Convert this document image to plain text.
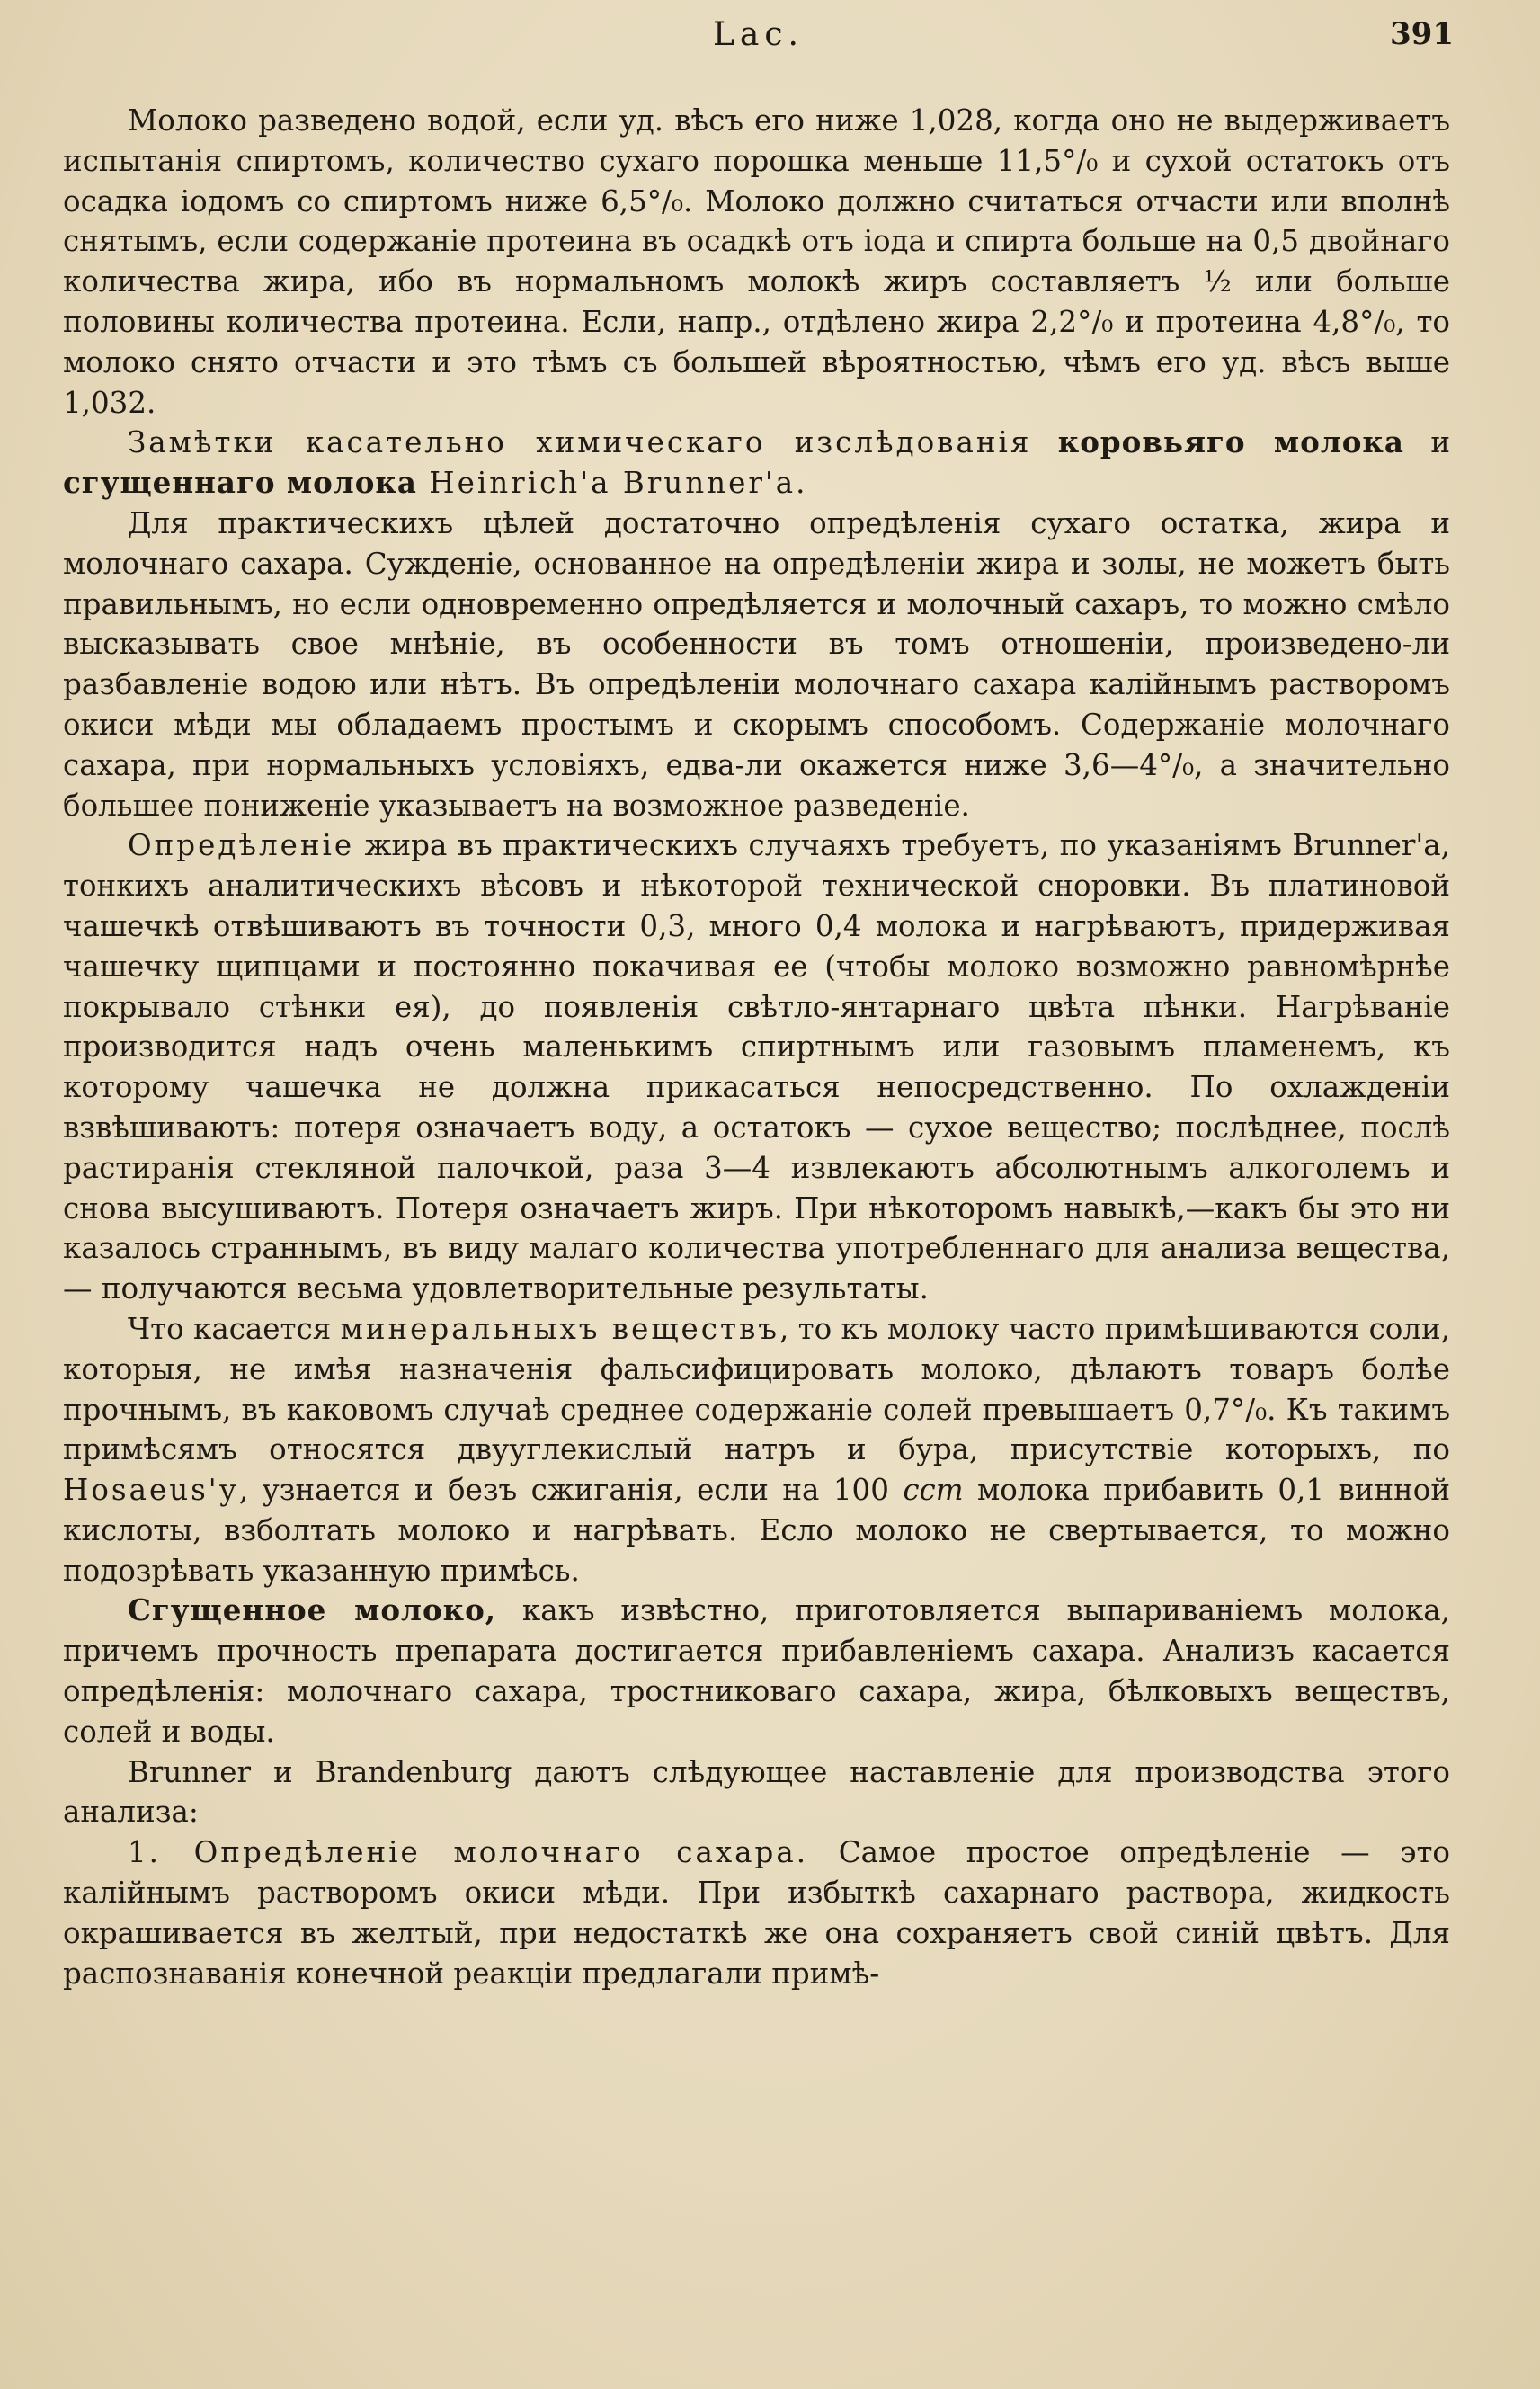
Lac.	391

Молоко разведено водой, если уд. вѣсъ его ниже 1,028, когда оно не выдерживаетъ испытанія спиртомъ, количество сухаго порошка меньше 11,5°/₀ и сухой остатокъ отъ осадка іодомъ со спиртомъ ниже 6,5°/₀. Молоко должно считаться отчасти или вполнѣ снятымъ, если содержаніе протеина въ осадкѣ отъ іода и спирта больше на 0,5 двойнаго количества жира, ибо въ нормальномъ молокѣ жиръ составляетъ ½ или больше половины количества протеина. Если, напр., отдѣлено жира 2,2°/₀ и протеина 4,8°/₀, то молоко снято отчасти и это тѣмъ съ большей вѣроятностью, чѣмъ его уд. вѣсъ выше 1,032.

Замѣтки касательно химическаго изслѣдованія коровьяго молока и сгущеннаго молока Heinrich'a Brunner'a.

Для практическихъ цѣлей достаточно опредѣленія сухаго остатка, жира и молочнаго сахара. Сужденіе, основанное на опредѣленіи жира и золы, не можетъ быть правильнымъ, но если одновременно опредѣляется и молочный сахаръ, то можно смѣло высказывать свое мнѣніе, въ особенности въ томъ отношеніи, произведено-ли разбавленіе водою или нѣтъ. Въ опредѣленіи молочнаго сахара калійнымъ растворомъ окиси мѣди мы обладаемъ простымъ и скорымъ способомъ. Содержаніе молочнаго сахара, при нормальныхъ условіяхъ, едва-ли окажется ниже 3,6—4°/₀, а значительно большее пониженіе указываетъ на возможное разведеніе.

Опредѣленіе жира въ практическихъ случаяхъ требуетъ, по указаніямъ Brunner'a, тонкихъ аналитическихъ вѣсовъ и нѣкоторой технической сноровки. Въ платиновой чашечкѣ отвѣшиваютъ въ точности 0,3, много 0,4 молока и нагрѣваютъ, придерживая чашечку щипцами и постоянно покачивая ее (чтобы молоко возможно равномѣрнѣе покрывало стѣнки ея), до появленія свѣтло-янтарнаго цвѣта пѣнки. Нагрѣваніе производится надъ очень маленькимъ спиртнымъ или газовымъ пламенемъ, къ которому чашечка не должна прикасаться непосредственно. По охлажденіи взвѣшиваютъ: потеря означаетъ воду, а остатокъ — сухое вещество; послѣднее, послѣ растиранія стекляной палочкой, раза 3—4 извлекаютъ абсолютнымъ алкоголемъ и снова высушиваютъ. Потеря означаетъ жиръ. При нѣкоторомъ навыкѣ,—какъ бы это ни казалось страннымъ, въ виду малаго количества употребленнаго для анализа вещества, — получаются весьма удовлетворительные результаты.

Что касается минеральныхъ веществъ, то къ молоку часто примѣшиваются соли, которыя, не имѣя назначенія фальсифицировать молоко, дѣлаютъ товаръ болѣе прочнымъ, въ каковомъ случаѣ среднее содержаніе солей превышаетъ 0,7°/₀. Къ такимъ примѣсямъ относятся двууглекислый натръ и бура, присутствіе которыхъ, по Hosaeus'у, узнается и безъ сжиганія, если на 100 cсm молока прибавить 0,1 винной кислоты, взболтать молоко и нагрѣвать. Есло молоко не свертывается, то можно подозрѣвать указанную примѣсь.

Сгущенное молоко, какъ извѣстно, приготовляется выпариваніемъ молока, причемъ прочность препарата достигается прибавленіемъ сахара. Анализъ касается опредѣленія: молочнаго сахара, тростниковаго сахара, жира, бѣлковыхъ веществъ, солей и воды.

Brunner и Brandenburg даютъ слѣдующее наставленіе для производства этого анализа:

1. Опредѣленіе молочнаго сахара. Самое простое опредѣленіе — это калійнымъ растворомъ окиси мѣди. При избыткѣ сахарнаго раствора, жидкость окрашивается въ желтый, при недостаткѣ же она сохраняетъ свой синій цвѣтъ. Для распознаванія конечной реакціи предлагали примѣ-
